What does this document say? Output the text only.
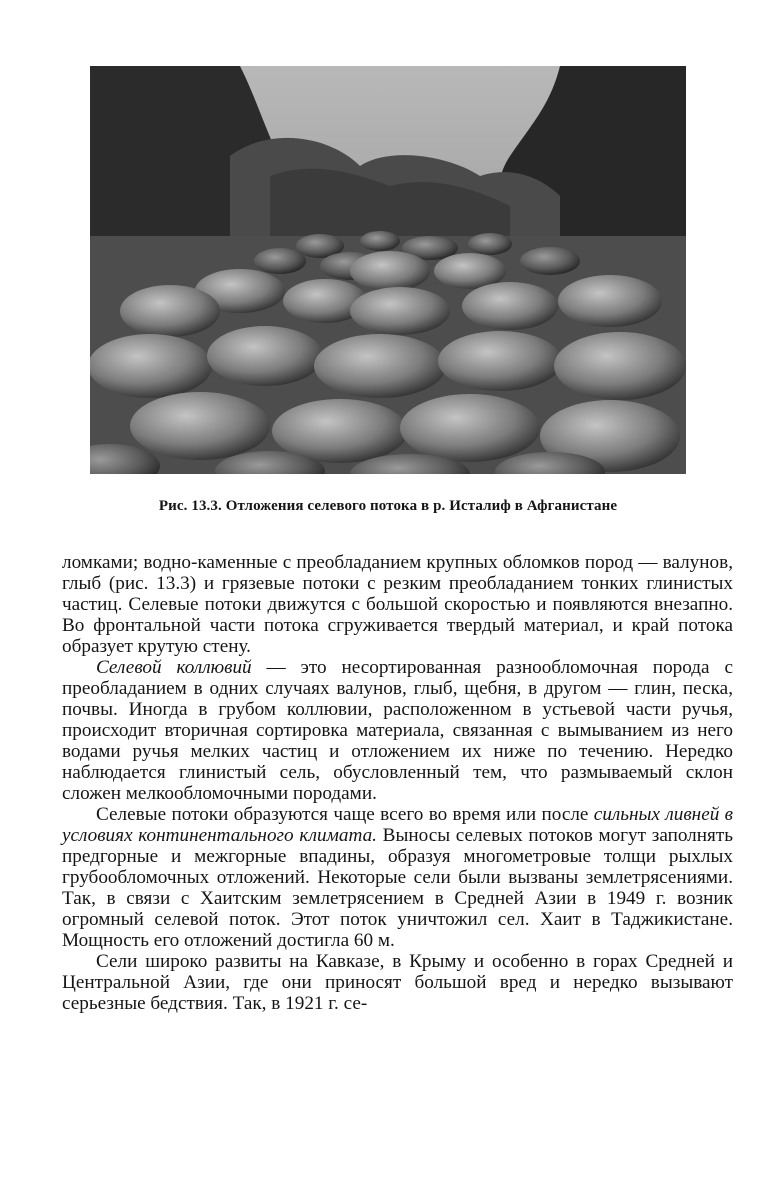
Рис. 13.3. Отложения селевого потока в р. Исталиф в Афганистане

ломками; водно-каменные с преобладанием крупных обломков пород — валунов, глыб (рис. 13.3) и грязевые потоки с резким преобладанием тонких глинистых частиц. Селевые потоки движутся с большой скоростью и появляются внезапно. Во фронтальной части потока сгруживается твердый материал, и край потока образует крутую стену.

Селевой коллювий — это несортированная разнообломочная порода с преобладанием в одних случаях валунов, глыб, щебня, в другом — глин, песка, почвы. Иногда в грубом коллювии, расположенном в устьевой части ручья, происходит вторичная сортировка материала, связанная с вымыванием из него водами ручья мелких частиц и отложением их ниже по течению. Нередко наблюдается глинистый сель, обусловленный тем, что размываемый склон сложен мелкообломочными породами.

Селевые потоки образуются чаще всего во время или после сильных ливней в условиях континентального климата. Выносы селевых потоков могут заполнять предгорные и межгорные впадины, образуя многометровые толщи рыхлых грубообломочных отложений. Некоторые сели были вызваны землетрясениями. Так, в связи с Хаитским землетрясением в Средней Азии в 1949 г. возник огромный селевой поток. Этот поток уничтожил сел. Хаит в Таджикистане. Мощность его отложений достигла 60 м.

Сели широко развиты на Кавказе, в Крыму и особенно в горах Средней и Центральной Азии, где они приносят большой вред и нередко вызывают серьезные бедствия. Так, в 1921 г. се-
